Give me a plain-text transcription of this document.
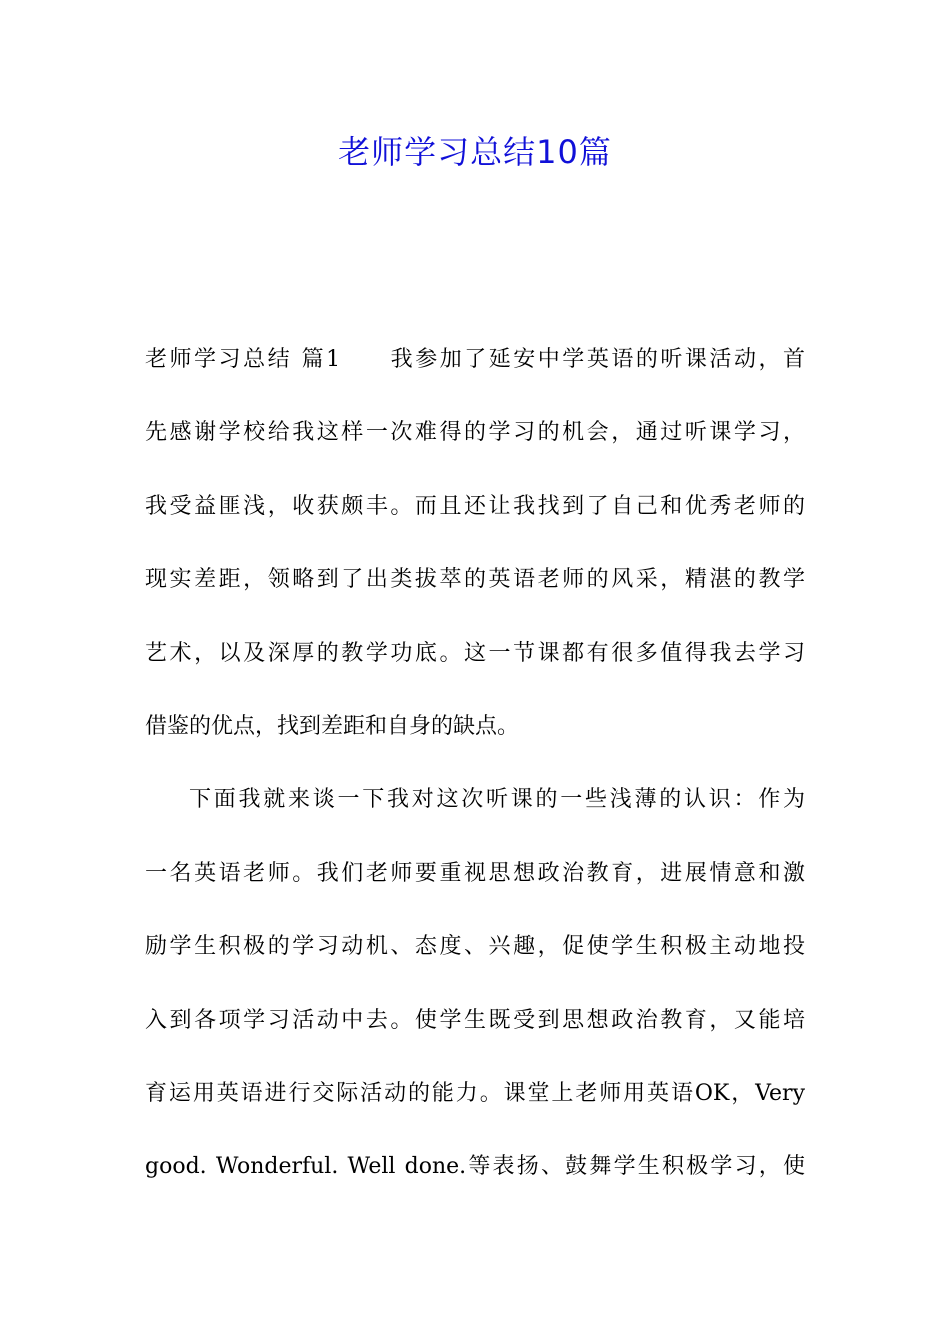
老师学习总结10篇
老师学习总结 篇1 我参加了延安中学英语的听课活动，首
先感谢学校给我这样一次难得的学习的机会，通过听课学习，
我受益匪浅，收获颇丰。而且还让我找到了自己和优秀老师的
现实差距，领略到了出类拔萃的英语老师的风采，精湛的教学
艺术，以及深厚的教学功底。这一节课都有很多值得我去学习
借鉴的优点，找到差距和自身的缺点。
下面我就来谈一下我对这次听课的一些浅薄的认识：作为
一名英语老师。我们老师要重视思想政治教育，进展情意和激
励学生积极的学习动机、态度、兴趣，促使学生积极主动地投
入到各项学习活动中去。使学生既受到思想政治教育，又能培
育运用英语进行交际活动的能力。课堂上老师用英语OK，Very
good. Wonderful. Well done.等表扬、鼓舞学生积极学习，使
